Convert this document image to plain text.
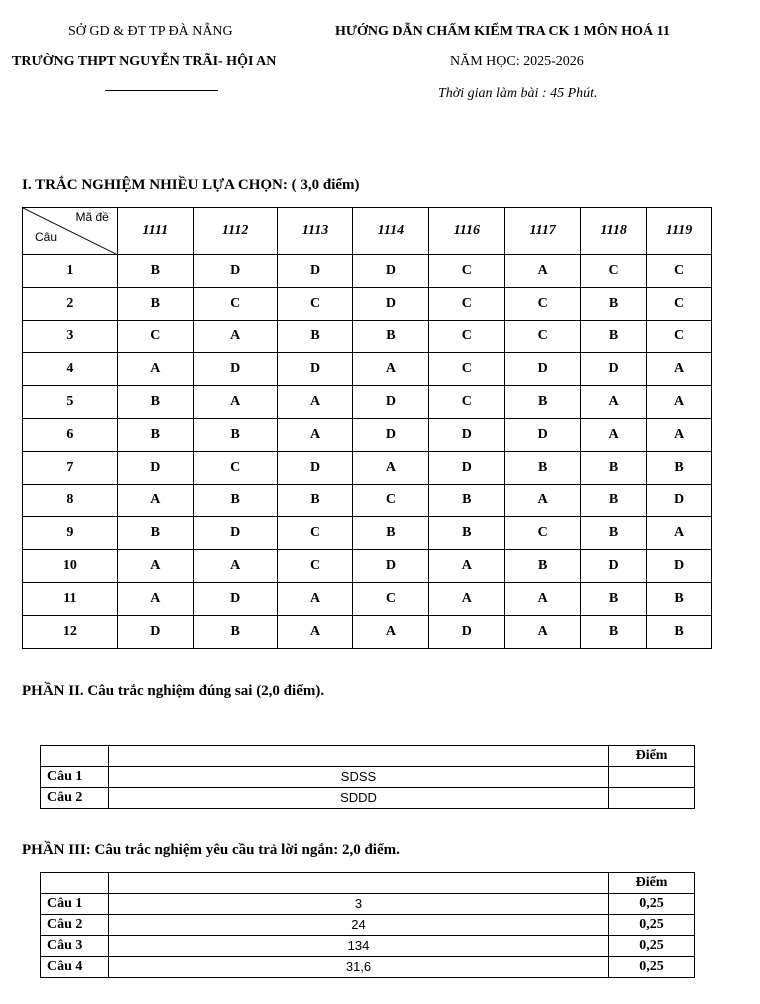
SỞ GD & ĐT TP ĐÀ NẴNG
TRƯỜNG THPT NGUYỄN TRÃI- HỘI AN
HƯỚNG DẪN CHẤM KIỂM TRA CK 1 MÔN HOÁ 11
NĂM HỌC: 2025-2026
Thời gian làm bài : 45 Phút.
I. TRẮC NGHIỆM NHIỀU LỰA CHỌN: ( 3,0 điểm)
Mã đề
Câu	1111	1112	1113	1114	1116	1117	1118	1119
1	B	D	D	D	C	A	C	C
2	B	C	C	D	C	C	B	C
3	C	A	B	B	C	C	B	C
4	A	D	D	A	C	D	D	A
5	B	A	A	D	C	B	A	A
6	B	B	A	D	D	D	A	A
7	D	C	D	A	D	B	B	B
8	A	B	B	C	B	A	B	D
9	B	D	C	B	B	C	B	A
10	A	A	C	D	A	B	D	D
11	A	D	A	C	A	A	B	B
12	D	B	A	A	D	A	B	B
PHẦN II. Câu trắc nghiệm đúng sai (2,0 điểm).
		Điểm
Câu 1	SDSS	
Câu 2	SDDD	
PHẦN III: Câu trắc nghiệm yêu cầu trả lời ngắn: 2,0 điểm.
		Điểm
Câu 1	3	0,25
Câu 2	24	0,25
Câu 3	134	0,25
Câu 4	31,6	0,25
